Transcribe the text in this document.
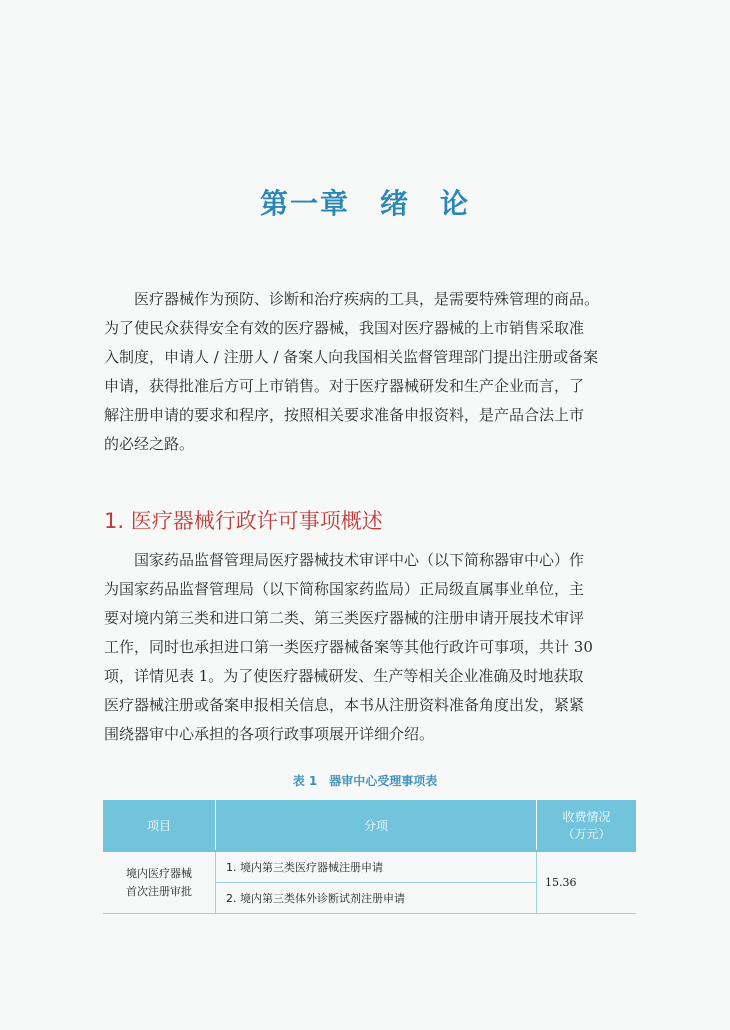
第一章　绪　论

医疗器械作为预防、诊断和治疗疾病的工具，是需要特殊管理的商品。
为了使民众获得安全有效的医疗器械，我国对医疗器械的上市销售采取准
入制度，申请人 / 注册人 / 备案人向我国相关监督管理部门提出注册或备案
申请，获得批准后方可上市销售。对于医疗器械研发和生产企业而言，了
解注册申请的要求和程序，按照相关要求准备申报资料，是产品合法上市
的必经之路。

1. 医疗器械行政许可事项概述

国家药品监督管理局医疗器械技术审评中心（以下简称器审中心）作
为国家药品监督管理局（以下简称国家药监局）正局级直属事业单位，主
要对境内第三类和进口第二类、第三类医疗器械的注册申请开展技术审评
工作，同时也承担进口第一类医疗器械备案等其他行政许可事项，共计 30
项，详情见表 1。为了使医疗器械研发、生产等相关企业准确及时地获取
医疗器械注册或备案申报相关信息，本书从注册资料准备角度出发，紧紧
围绕器审中心承担的各项行政事项展开详细介绍。

表 1　器审中心受理事项表
项目	分项	收费情况
（万元）
境内医疗器械
首次注册审批	1. 境内第三类医疗器械注册申请	15.36
	2. 境内第三类体外诊断试剂注册申请	
